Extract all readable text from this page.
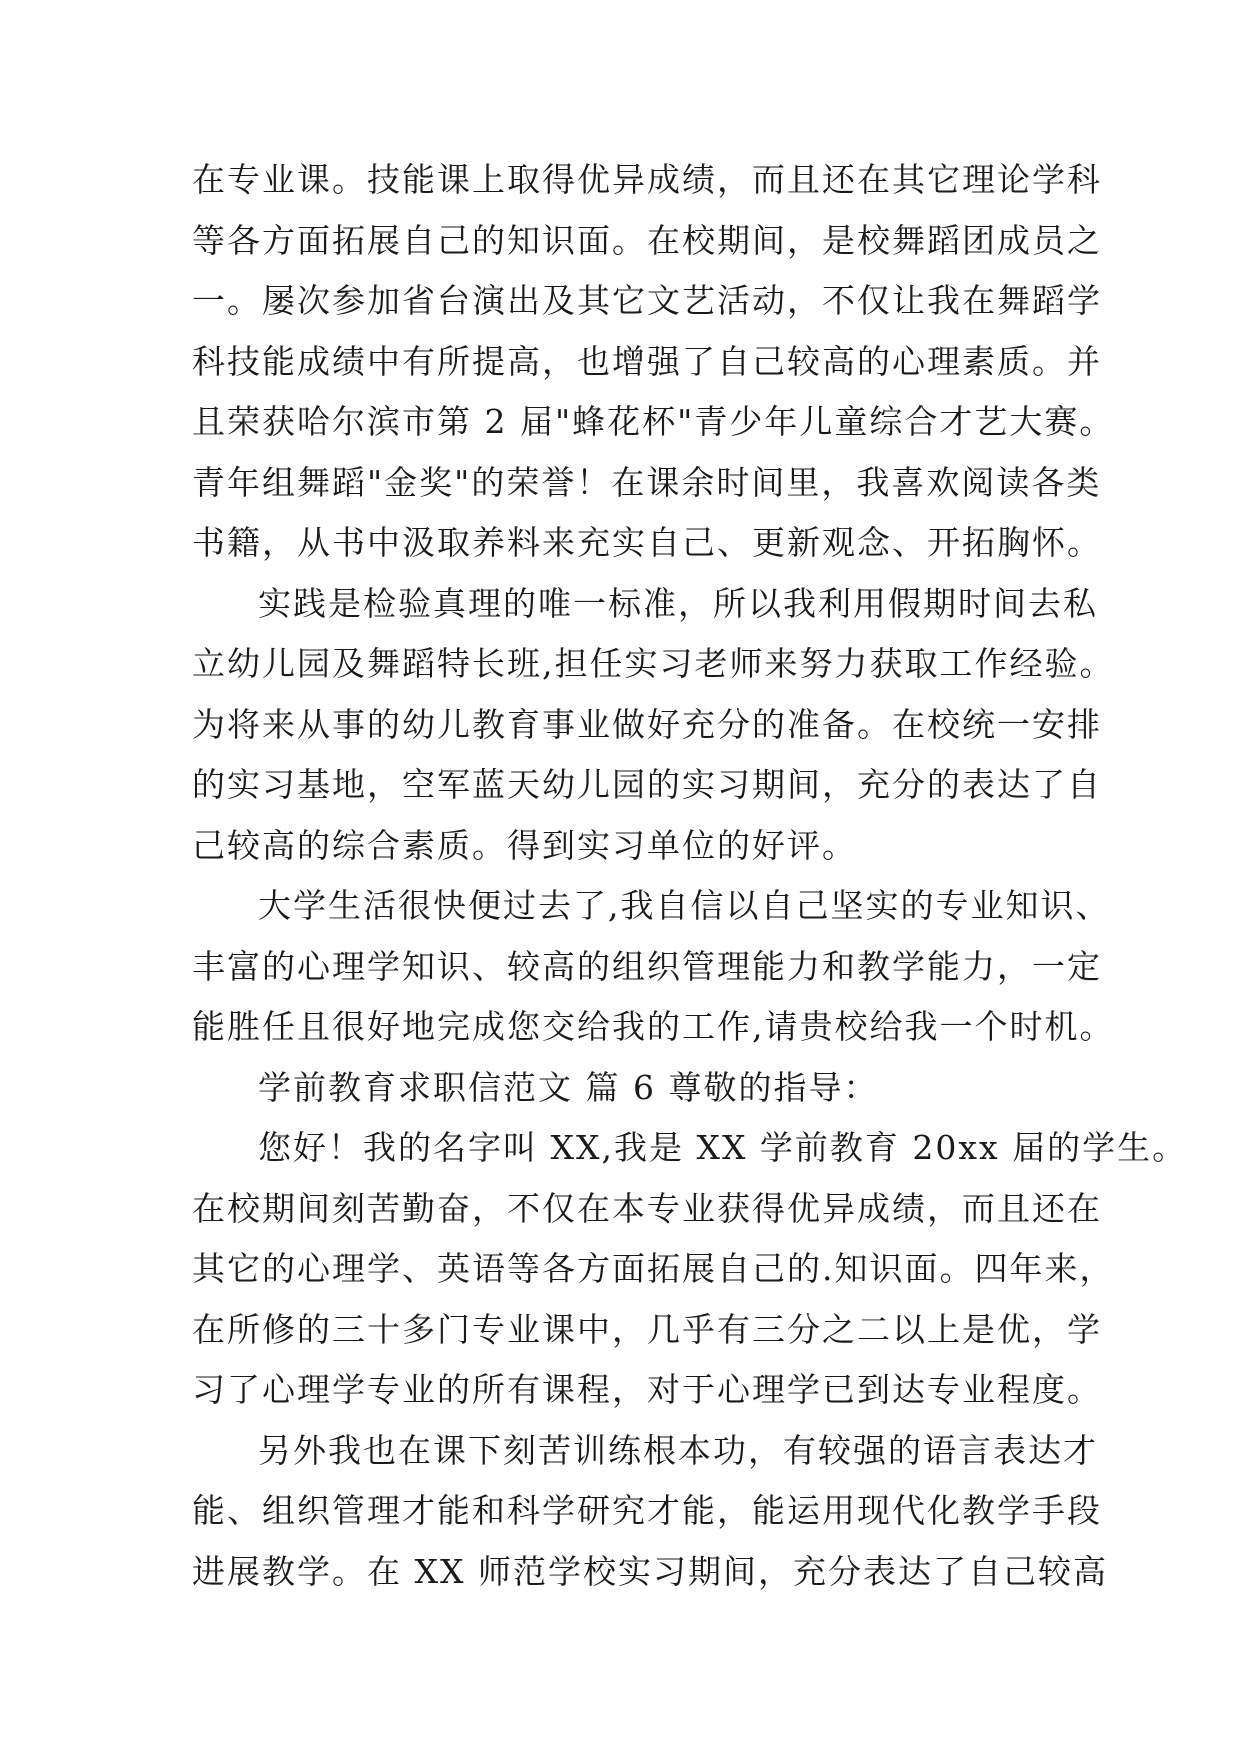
在专业课。技能课上取得优异成绩，而且还在其它理论学科
等各方面拓展自己的知识面。在校期间，是校舞蹈团成员之
一。屡次参加省台演出及其它文艺活动，不仅让我在舞蹈学
科技能成绩中有所提高，也增强了自己较高的心理素质。并
且荣获哈尔滨市第 2 届"蜂花杯"青少年儿童综合才艺大赛。
青年组舞蹈"金奖"的荣誉！在课余时间里，我喜欢阅读各类
书籍，从书中汲取养料来充实自己、更新观念、开拓胸怀。
实践是检验真理的唯一标准，所以我利用假期时间去私
立幼儿园及舞蹈特长班,担任实习老师来努力获取工作经验。
为将来从事的幼儿教育事业做好充分的准备。在校统一安排
的实习基地，空军蓝天幼儿园的实习期间，充分的表达了自
己较高的综合素质。得到实习单位的好评。
大学生活很快便过去了,我自信以自己坚实的专业知识、
丰富的心理学知识、较高的组织管理能力和教学能力，一定
能胜任且很好地完成您交给我的工作,请贵校给我一个时机。
学前教育求职信范文 篇 6 尊敬的指导：
您好！我的名字叫 XX,我是 XX 学前教育 20xx 届的学生。
在校期间刻苦勤奋，不仅在本专业获得优异成绩，而且还在
其它的心理学、英语等各方面拓展自己的.知识面。四年来，
在所修的三十多门专业课中，几乎有三分之二以上是优，学
习了心理学专业的所有课程，对于心理学已到达专业程度。
另外我也在课下刻苦训练根本功，有较强的语言表达才
能、组织管理才能和科学研究才能，能运用现代化教学手段
进展教学。在 XX 师范学校实习期间，充分表达了自己较高
